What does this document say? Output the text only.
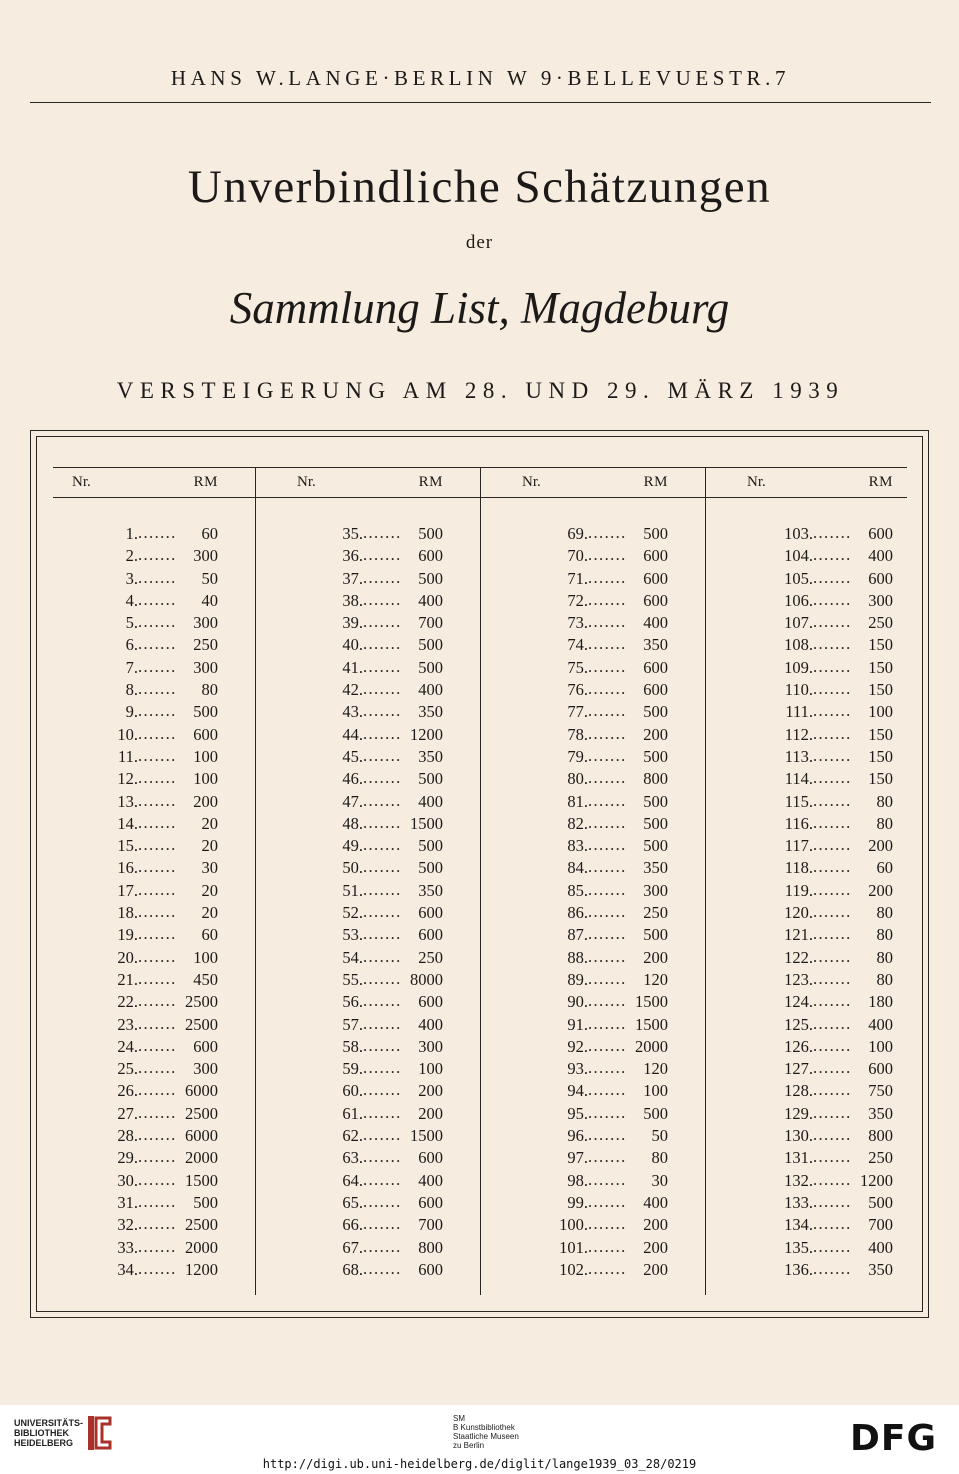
HANS W.LANGE·BERLIN W 9·BELLEVUESTR.7
Unverbindliche Schätzungen
der
Sammlung List, Magdeburg
VERSTEIGERUNG AM 28. UND 29. MÄRZ 1939
Nr.	RM
1. ....... 60
2. ....... 300
3. ....... 50
4. ....... 40
5. ....... 300
6. ....... 250
7. ....... 300
8. ....... 80
9. ....... 500
10. ....... 600
11. ....... 100
12. ....... 100
13. ....... 200
14. ....... 20
15. ....... 20
16. ....... 30
17. ....... 20
18. ....... 20
19. ....... 60
20. ....... 100
21. ....... 450
22. ....... 2500
23. ....... 2500
24. ....... 600
25. ....... 300
26. ....... 6000
27. ....... 2500
28. ....... 6000
29. ....... 2000
30. ....... 1500
31. ....... 500
32. ....... 2500
33. ....... 2000
34. ....... 1200
Nr.	RM
35. ....... 500
36. ....... 600
37. ....... 500
38. ....... 400
39. ....... 700
40. ....... 500
41. ....... 500
42. ....... 400
43. ....... 350
44. ....... 1200
45. ....... 350
46. ....... 500
47. ....... 400
48. ....... 1500
49. ....... 500
50. ....... 500
51. ....... 350
52. ....... 600
53. ....... 600
54. ....... 250
55. ....... 8000
56. ....... 600
57. ....... 400
58. ....... 300
59. ....... 100
60. ....... 200
61. ....... 200
62. ....... 1500
63. ....... 600
64. ....... 400
65. ....... 600
66. ....... 700
67. ....... 800
68. ....... 600
Nr.	RM
69. ....... 500
70. ....... 600
71. ....... 600
72. ....... 600
73. ....... 400
74. ....... 350
75. ....... 600
76. ....... 600
77. ....... 500
78. ....... 200
79. ....... 500
80. ....... 800
81. ....... 500
82. ....... 500
83. ....... 500
84. ....... 350
85. ....... 300
86. ....... 250
87. ....... 500
88. ....... 200
89. ....... 120
90. ....... 1500
91. ....... 1500
92. ....... 2000
93. ....... 120
94. ....... 100
95. ....... 500
96. ....... 50
97. ....... 80
98. ....... 30
99. ....... 400
100. ....... 200
101. ....... 200
102. ....... 200
Nr.	RM
103. ....... 600
104. ....... 400
105. ....... 600
106. ....... 300
107. ....... 250
108. ....... 150
109. ....... 150
110. ....... 150
111. ....... 100
112. ....... 150
113. ....... 150
114. ....... 150
115. ....... 80
116. ....... 80
117. ....... 200
118. ....... 60
119. ....... 200
120. ....... 80
121. ....... 80
122. ....... 80
123. ....... 80
124. ....... 180
125. ....... 400
126. ....... 100
127. ....... 600
128. ....... 750
129. ....... 350
130. ....... 800
131. ....... 250
132. ....... 1200
133. ....... 500
134. ....... 700
135. ....... 400
136. ....... 350
UNIVERSITÄTS-
BIBLIOTHEK
HEIDELBERG
SM
B Kunstbibliothek
Staatliche Museen
zu Berlin	DFG
http://digi.ub.uni-heidelberg.de/diglit/lange1939_03_28/0219
